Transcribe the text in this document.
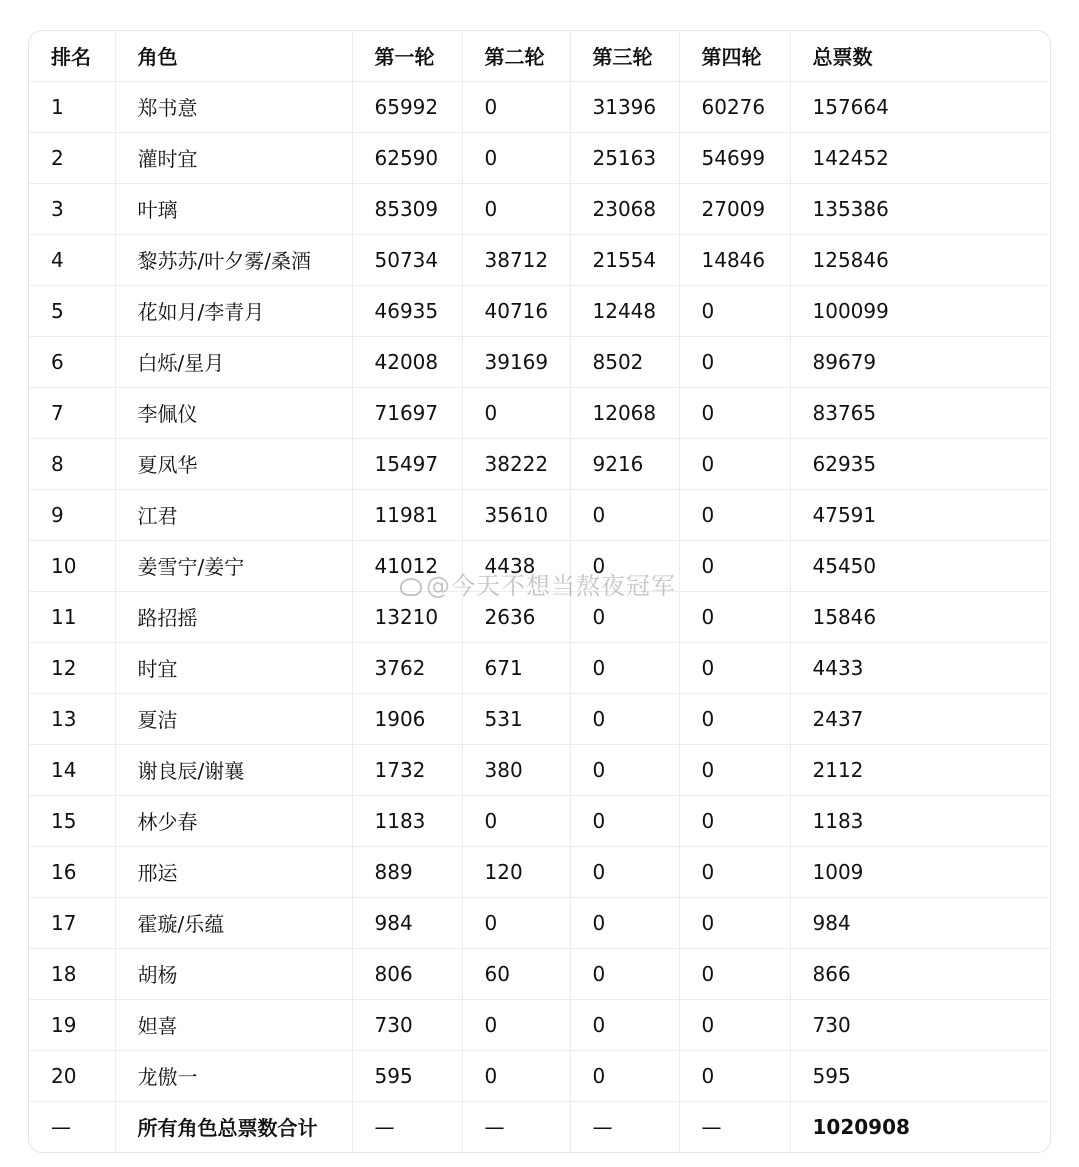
排名	角色	第一轮	第二轮	第三轮	第四轮	总票数
1	郑书意	65992	0	31396	60276	157664
2	灌时宜	62590	0	25163	54699	142452
3	叶璃	85309	0	23068	27009	135386
4	黎苏苏/叶夕雾/桑酒	50734	38712	21554	14846	125846
5	花如月/李青月	46935	40716	12448	0	100099
6	白烁/星月	42008	39169	8502	0	89679
7	李佩仪	71697	0	12068	0	83765
8	夏凤华	15497	38222	9216	0	62935
9	江君	11981	35610	0	0	47591
10	姜雪宁/姜宁	41012	4438	0	0	45450
11	路招摇	13210	2636	0	0	15846
12	时宜	3762	671	0	0	4433
13	夏洁	1906	531	0	0	2437
14	谢良辰/谢襄	1732	380	0	0	2112
15	林少春	1183	0	0	0	1183
16	邢运	889	120	0	0	1009
17	霍璇/乐蕴	984	0	0	0	984
18	胡杨	806	60	0	0	866
19	妲喜	730	0	0	0	730
20	龙傲一	595	0	0	0	595
—	所有角色总票数合计	—	—	—	—	1020908
@今天不想当熬夜冠军
